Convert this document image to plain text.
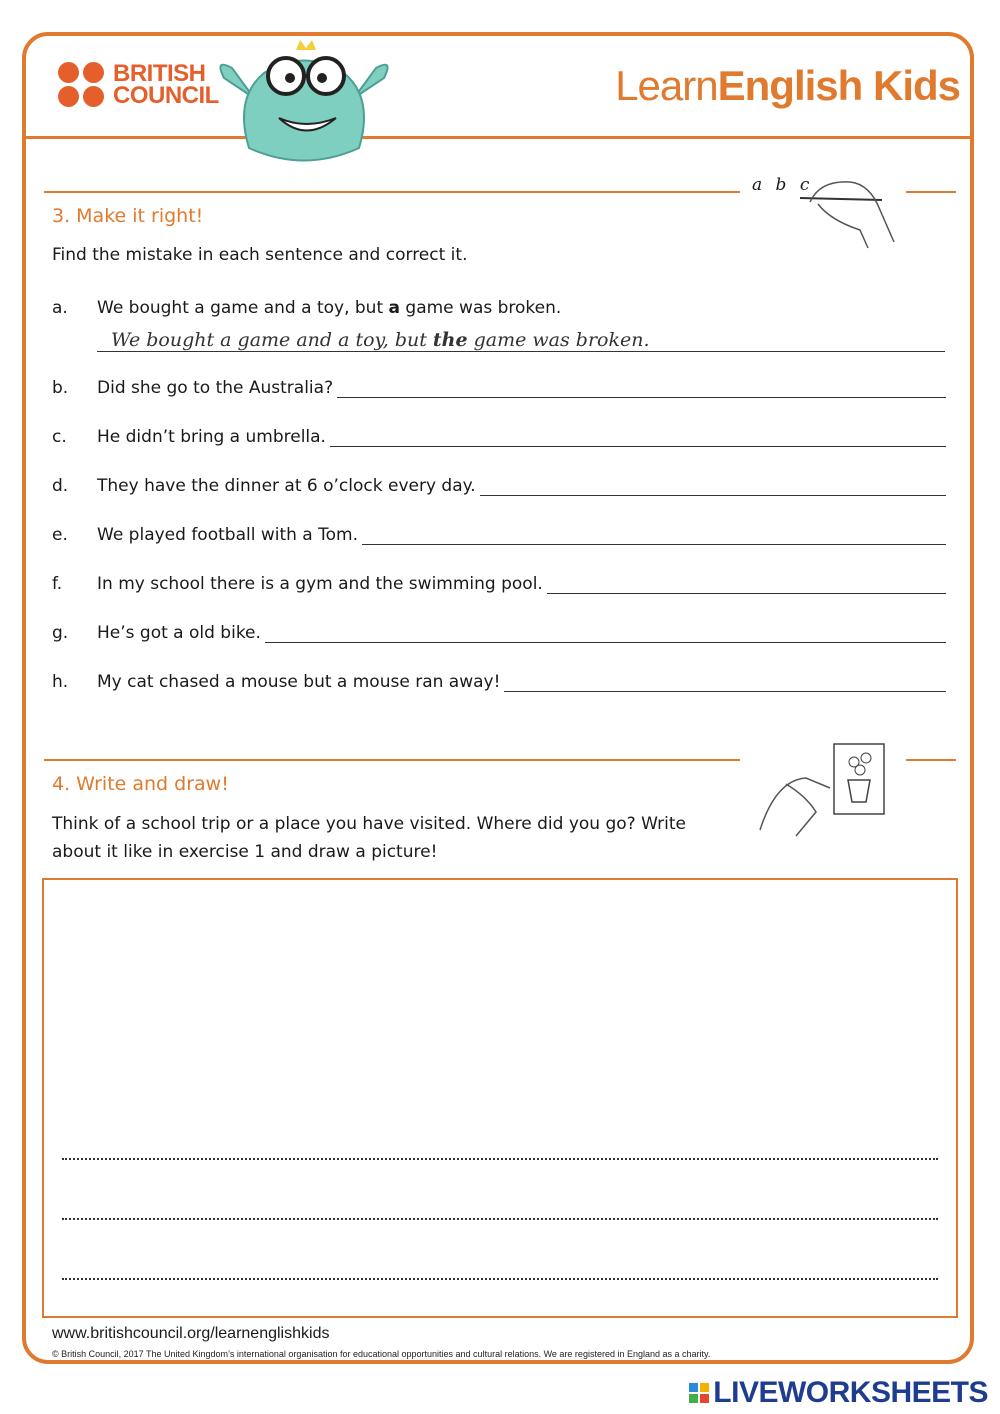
BRITISH
COUNCIL	LearnEnglish Kids
a b c
3. Make it right!
Find the mistake in each sentence and correct it.
a.	We bought a game and a toy, but a game was broken.
We bought a game and a toy, but the game was broken.
b.	Did she go to the Australia?
c.	He didn’t bring a umbrella.
d.	They have the dinner at 6 o’clock every day.
e.	We played football with a Tom.
f.	In my school there is a gym and the swimming pool.
g.	He’s got a old bike.
h.	My cat chased a mouse but a mouse ran away!
4. Write and draw!
Think of a school trip or a place you have visited. Where did you go? Write
about it like in exercise 1 and draw a picture!
www.britishcouncil.org/learnenglishkids
© British Council, 2017 The United Kingdom’s international organisation for educational opportunities and cultural relations. We are registered in England as a charity.
LIVEWORKSHEETS
